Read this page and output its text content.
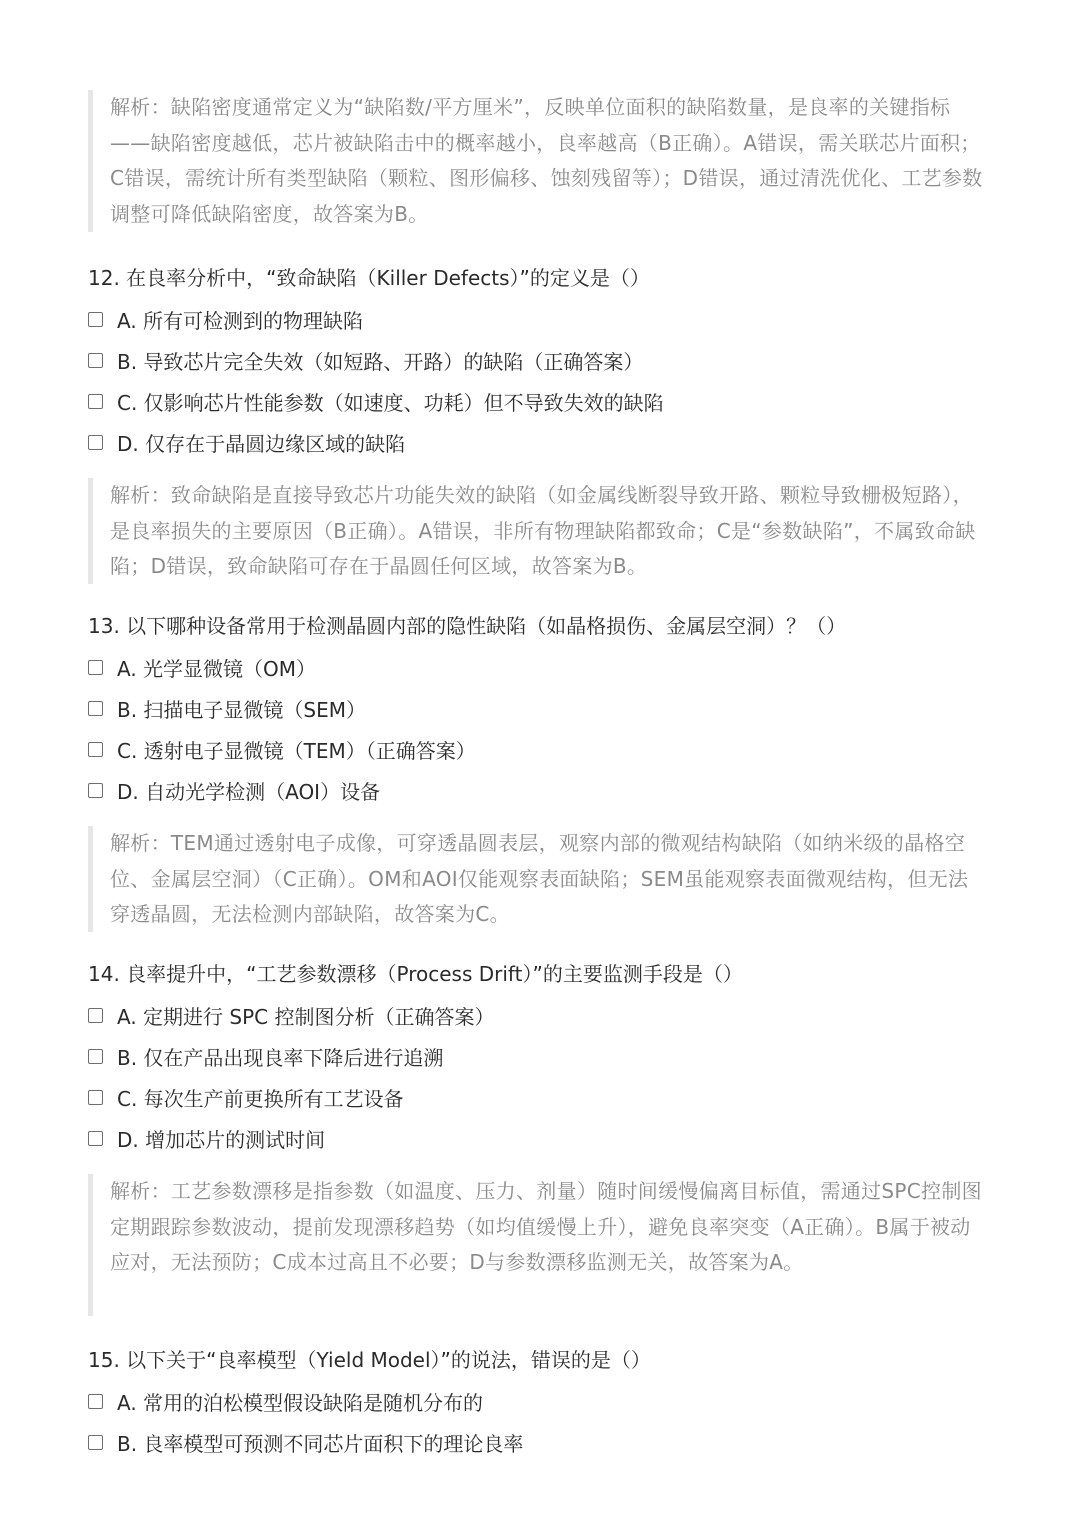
解析：缺陷密度通常定义为“缺陷数/平方厘米”，反映单位面积的缺陷数量，是良率的关键指标——缺陷密度越低，芯片被缺陷击中的概率越小，良率越高（B正确）。A错误，需关联芯片面积；C错误，需统计所有类型缺陷（颗粒、图形偏移、蚀刻残留等）；D错误，通过清洗优化、工艺参数调整可降低缺陷密度，故答案为B。
12. 在良率分析中，“致命缺陷（Killer Defects）”的定义是（）
A. 所有可检测到的物理缺陷
B. 导致芯片完全失效（如短路、开路）的缺陷（正确答案）
C. 仅影响芯片性能参数（如速度、功耗）但不导致失效的缺陷
D. 仅存在于晶圆边缘区域的缺陷
解析：致命缺陷是直接导致芯片功能失效的缺陷（如金属线断裂导致开路、颗粒导致栅极短路），是良率损失的主要原因（B正确）。A错误，非所有物理缺陷都致命；C是“参数缺陷”，不属致命缺陷；D错误，致命缺陷可存在于晶圆任何区域，故答案为B。
13. 以下哪种设备常用于检测晶圆内部的隐性缺陷（如晶格损伤、金属层空洞）？（）
A. 光学显微镜（OM）
B. 扫描电子显微镜（SEM）
C. 透射电子显微镜（TEM）（正确答案）
D. 自动光学检测（AOI）设备
解析：TEM通过透射电子成像，可穿透晶圆表层，观察内部的微观结构缺陷（如纳米级的晶格空位、金属层空洞）（C正确）。OM和AOI仅能观察表面缺陷；SEM虽能观察表面微观结构，但无法穿透晶圆，无法检测内部缺陷，故答案为C。
14. 良率提升中，“工艺参数漂移（Process Drift）”的主要监测手段是（）
A. 定期进行 SPC 控制图分析（正确答案）
B. 仅在产品出现良率下降后进行追溯
C. 每次生产前更换所有工艺设备
D. 增加芯片的测试时间
解析：工艺参数漂移是指参数（如温度、压力、剂量）随时间缓慢偏离目标值，需通过SPC控制图定期跟踪参数波动，提前发现漂移趋势（如均值缓慢上升），避免良率突变（A正确）。B属于被动应对，无法预防；C成本过高且不必要；D与参数漂移监测无关，故答案为A。
15. 以下关于“良率模型（Yield Model）”的说法，错误的是（）
A. 常用的泊松模型假设缺陷是随机分布的
B. 良率模型可预测不同芯片面积下的理论良率
